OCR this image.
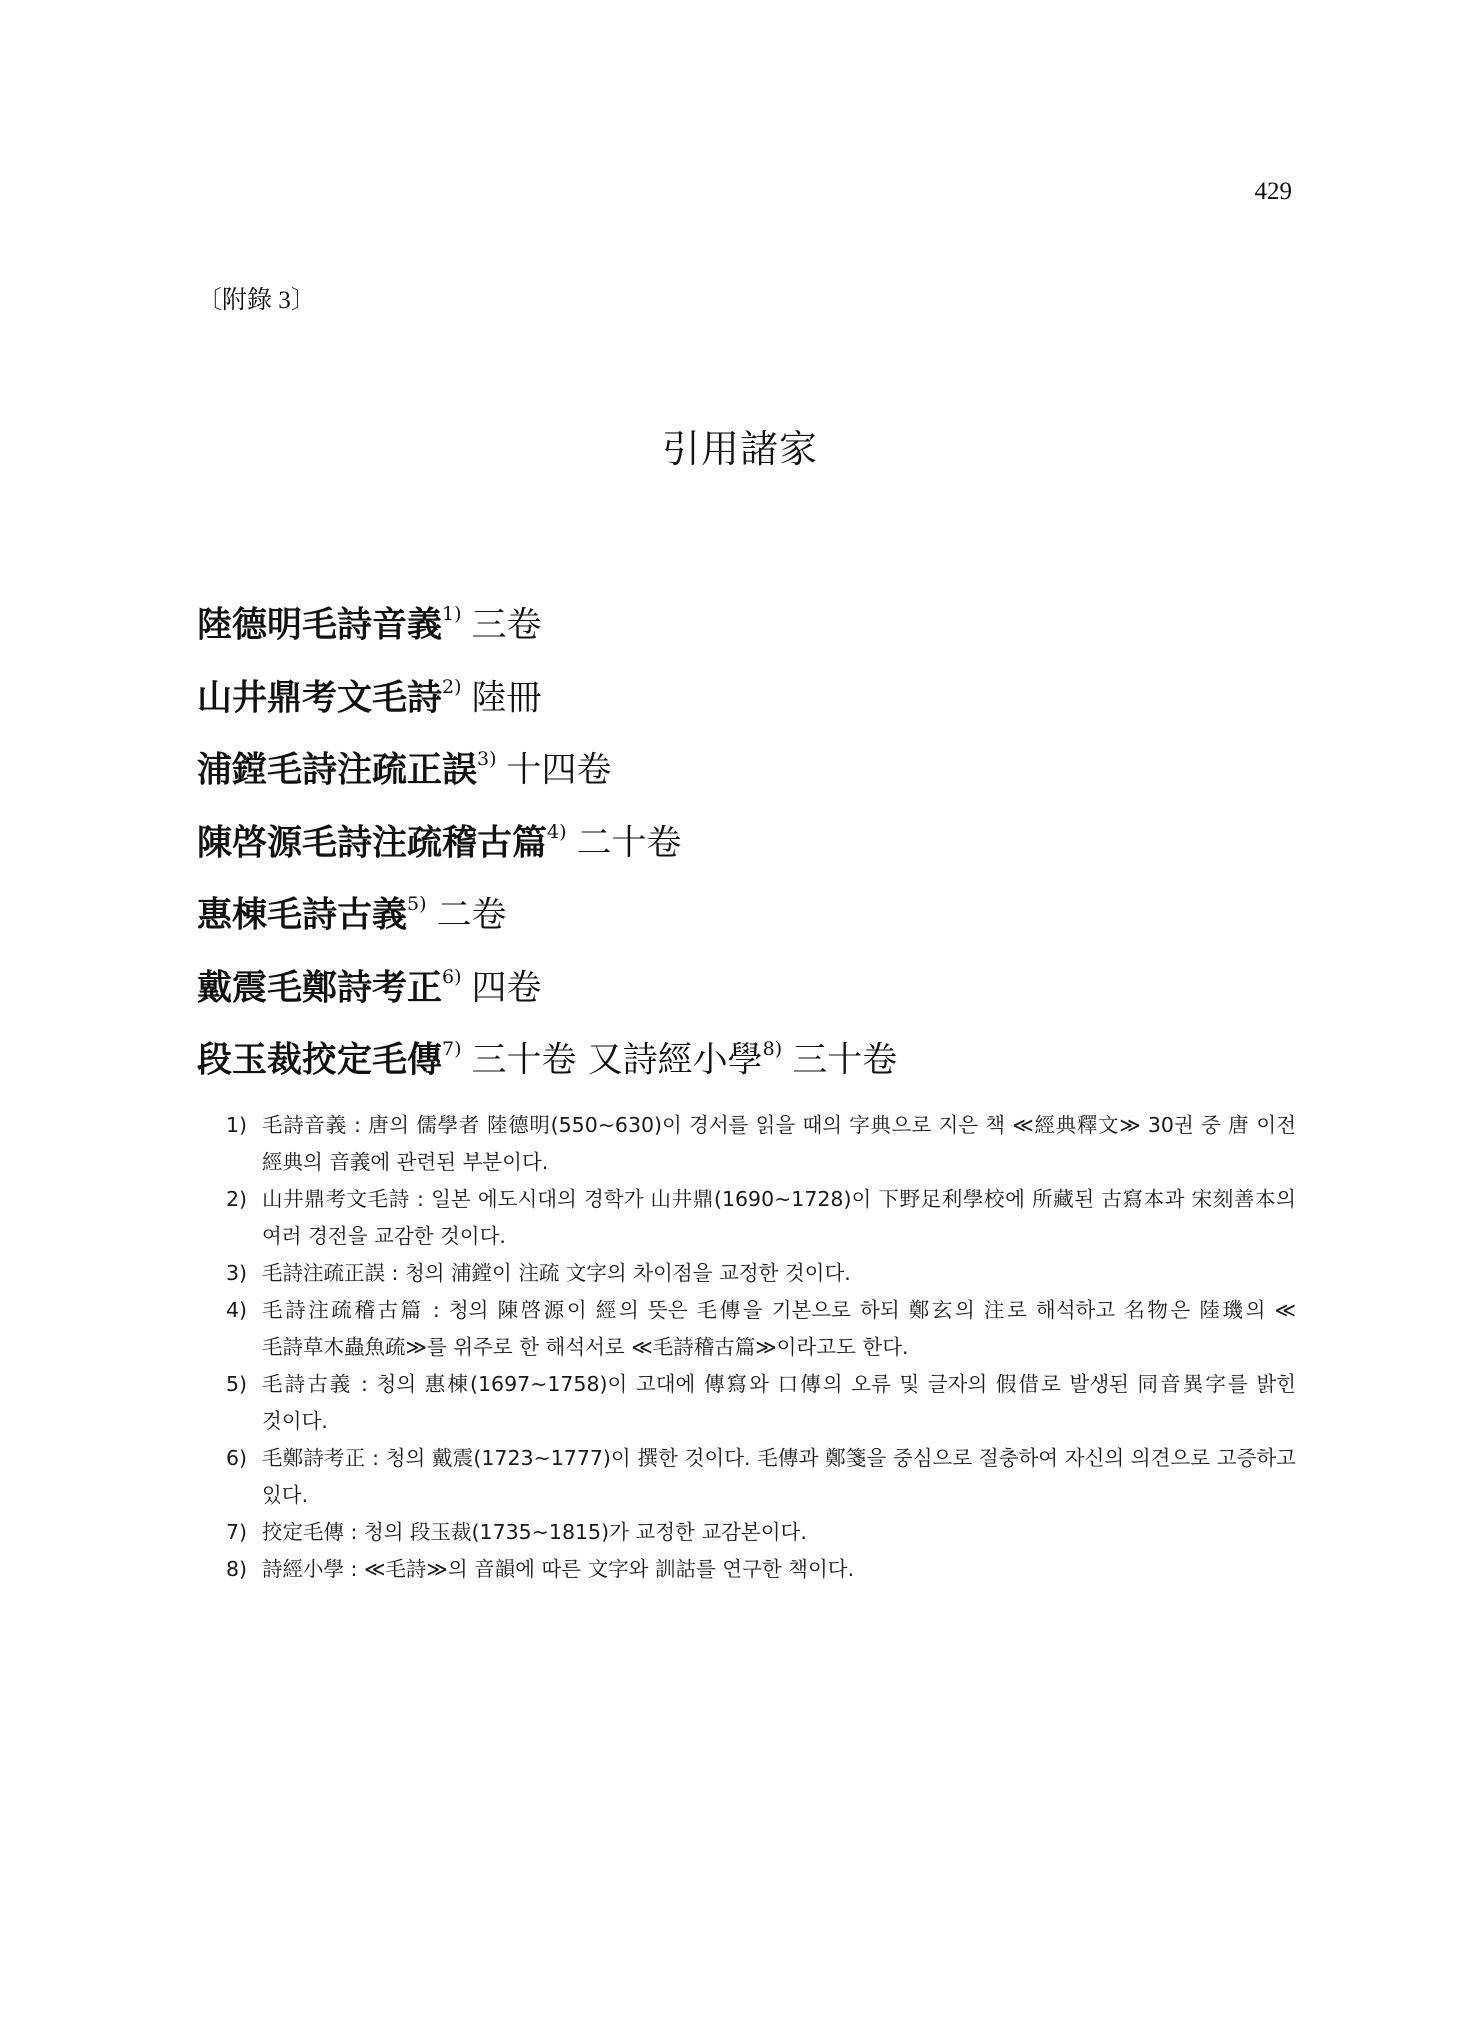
429
〔附錄 3〕
引用諸家
陸德明毛詩音義$^{1)}$ 三卷
山井鼎考文毛詩$^{2)}$ 陸冊
浦鏜毛詩注疏正誤$^{3)}$ 十四卷
陳啓源毛詩注疏稽古篇$^{4)}$ 二十卷
惠棟毛詩古義$^{5)}$ 二卷
戴震毛鄭詩考正$^{6)}$ 四卷
段玉裁挍定毛傳$^{7)}$ 三十卷 又詩經小學$^{8)}$ 三十卷
1) 毛詩音義 : 唐의 儒學者 陸德明(550~630)이 경서를 읽을 때의 字典으로 지은 책 ≪經典釋文≫ 30권 중 唐 이전 經典의 音義에 관련된 부분이다.
2) 山井鼎考文毛詩 : 일본 에도시대의 경학가 山井鼎(1690~1728)이 下野足利學校에 所藏된 古寫本과 宋刻善本의 여러 경전을 교감한 것이다.
3) 毛詩注疏正誤 : 청의 浦鏜이 注疏 文字의 차이점을 교정한 것이다.
4) 毛詩注疏稽古篇 : 청의 陳啓源이 經의 뜻은 毛傳을 기본으로 하되 鄭玄의 注로 해석하고 名物은 陸璣의 ≪毛詩草木蟲魚疏≫를 위주로 한 해석서로 ≪毛詩稽古篇≫이라고도 한다.
5) 毛詩古義 : 청의 惠棟(1697~1758)이 고대에 傳寫와 口傳의 오류 및 글자의 假借로 발생된 同音異字를 밝힌 것이다.
6) 毛鄭詩考正 : 청의 戴震(1723~1777)이 撰한 것이다. 毛傳과 鄭箋을 중심으로 절충하여 자신의 의견으로 고증하고 있다.
7) 挍定毛傳 : 청의 段玉裁(1735~1815)가 교정한 교감본이다.
8) 詩經小學 : ≪毛詩≫의 音韻에 따른 文字와 訓詁를 연구한 책이다.
